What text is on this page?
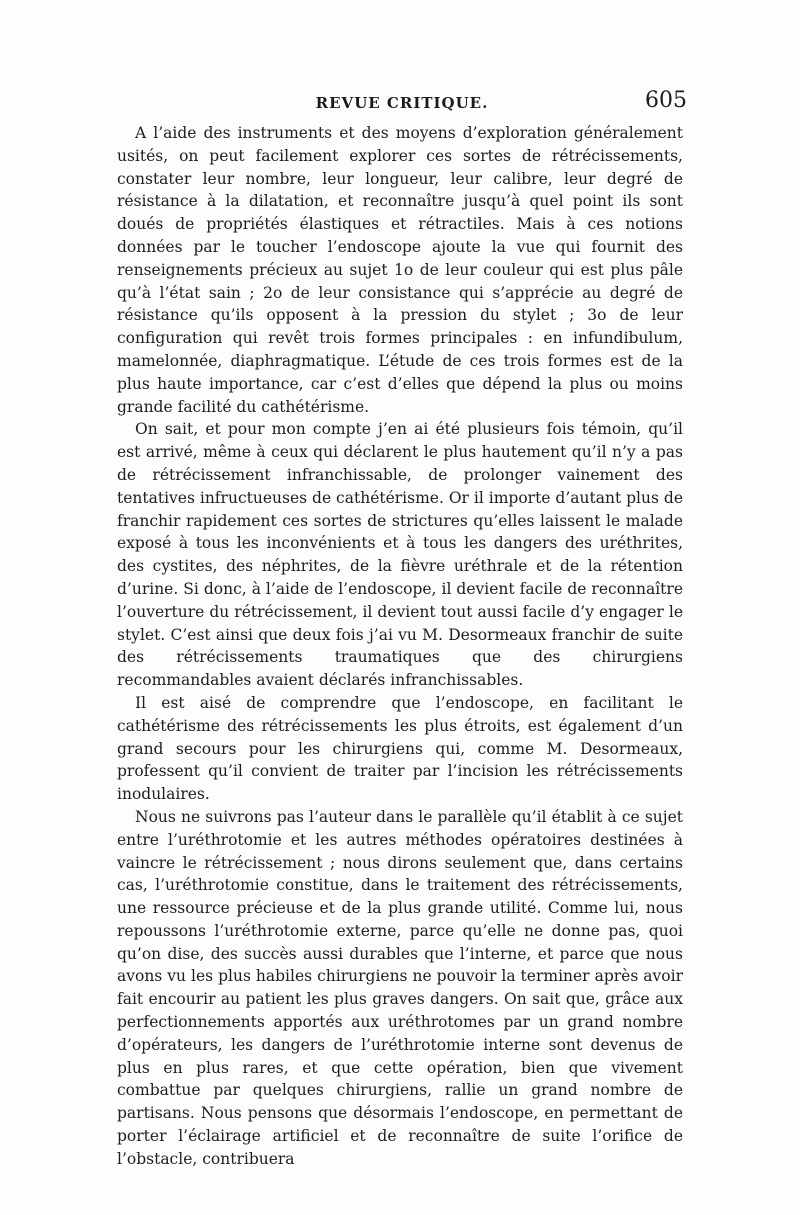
REVUE CRITIQUE.	605

A l’aide des instruments et des moyens d’exploration généralement usités, on peut facilement explorer ces sortes de rétrécissements, constater leur nombre, leur longueur, leur calibre, leur degré de résistance à la dilatation, et reconnaître jusqu’à quel point ils sont doués de propriétés élastiques et rétractiles. Mais à ces notions données par le toucher l’endoscope ajoute la vue qui fournit des renseignements précieux au sujet 1o de leur couleur qui est plus pâle qu’à l’état sain ; 2o de leur consistance qui s’apprécie au degré de résistance qu’ils opposent à la pression du stylet ; 3o de leur configuration qui revêt trois formes principales : en infundibulum, mamelonnée, diaphragmatique. L’étude de ces trois formes est de la plus haute importance, car c’est d’elles que dépend la plus ou moins grande facilité du cathétérisme.

On sait, et pour mon compte j’en ai été plusieurs fois témoin, qu’il est arrivé, même à ceux qui déclarent le plus hautement qu’il n’y a pas de rétrécissement infranchissable, de prolonger vainement des tentatives infructueuses de cathétérisme. Or il importe d’autant plus de franchir rapidement ces sortes de strictures qu’elles laissent le malade exposé à tous les inconvénients et à tous les dangers des uréthrites, des cystites, des néphrites, de la fièvre uréthrale et de la rétention d’urine. Si donc, à l’aide de l’endoscope, il devient facile de reconnaître l’ouverture du rétrécissement, il devient tout aussi facile d’y engager le stylet. C’est ainsi que deux fois j’ai vu M. Desormeaux franchir de suite des rétrécissements traumatiques que des chirurgiens recommandables avaient déclarés infranchissables.

Il est aisé de comprendre que l’endoscope, en facilitant le cathétérisme des rétrécissements les plus étroits, est également d’un grand secours pour les chirurgiens qui, comme M. Desormeaux, professent qu’il convient de traiter par l’incision les rétrécissements inodulaires.

Nous ne suivrons pas l’auteur dans le parallèle qu’il établit à ce sujet entre l’uréthrotomie et les autres méthodes opératoires destinées à vaincre le rétrécissement ; nous dirons seulement que, dans certains cas, l’uréthrotomie constitue, dans le traitement des rétrécissements, une ressource précieuse et de la plus grande utilité. Comme lui, nous repoussons l’uréthrotomie externe, parce qu’elle ne donne pas, quoi qu’on dise, des succès aussi durables que l’interne, et parce que nous avons vu les plus habiles chirurgiens ne pouvoir la terminer après avoir fait encourir au patient les plus graves dangers. On sait que, grâce aux perfectionnements apportés aux uréthrotomes par un grand nombre d’opérateurs, les dangers de l’uréthrotomie interne sont devenus de plus en plus rares, et que cette opération, bien que vivement combattue par quelques chirurgiens, rallie un grand nombre de partisans. Nous pensons que désormais l’endoscope, en permettant de porter l’éclairage artificiel et de reconnaître de suite l’orifice de l’obstacle, contribuera
